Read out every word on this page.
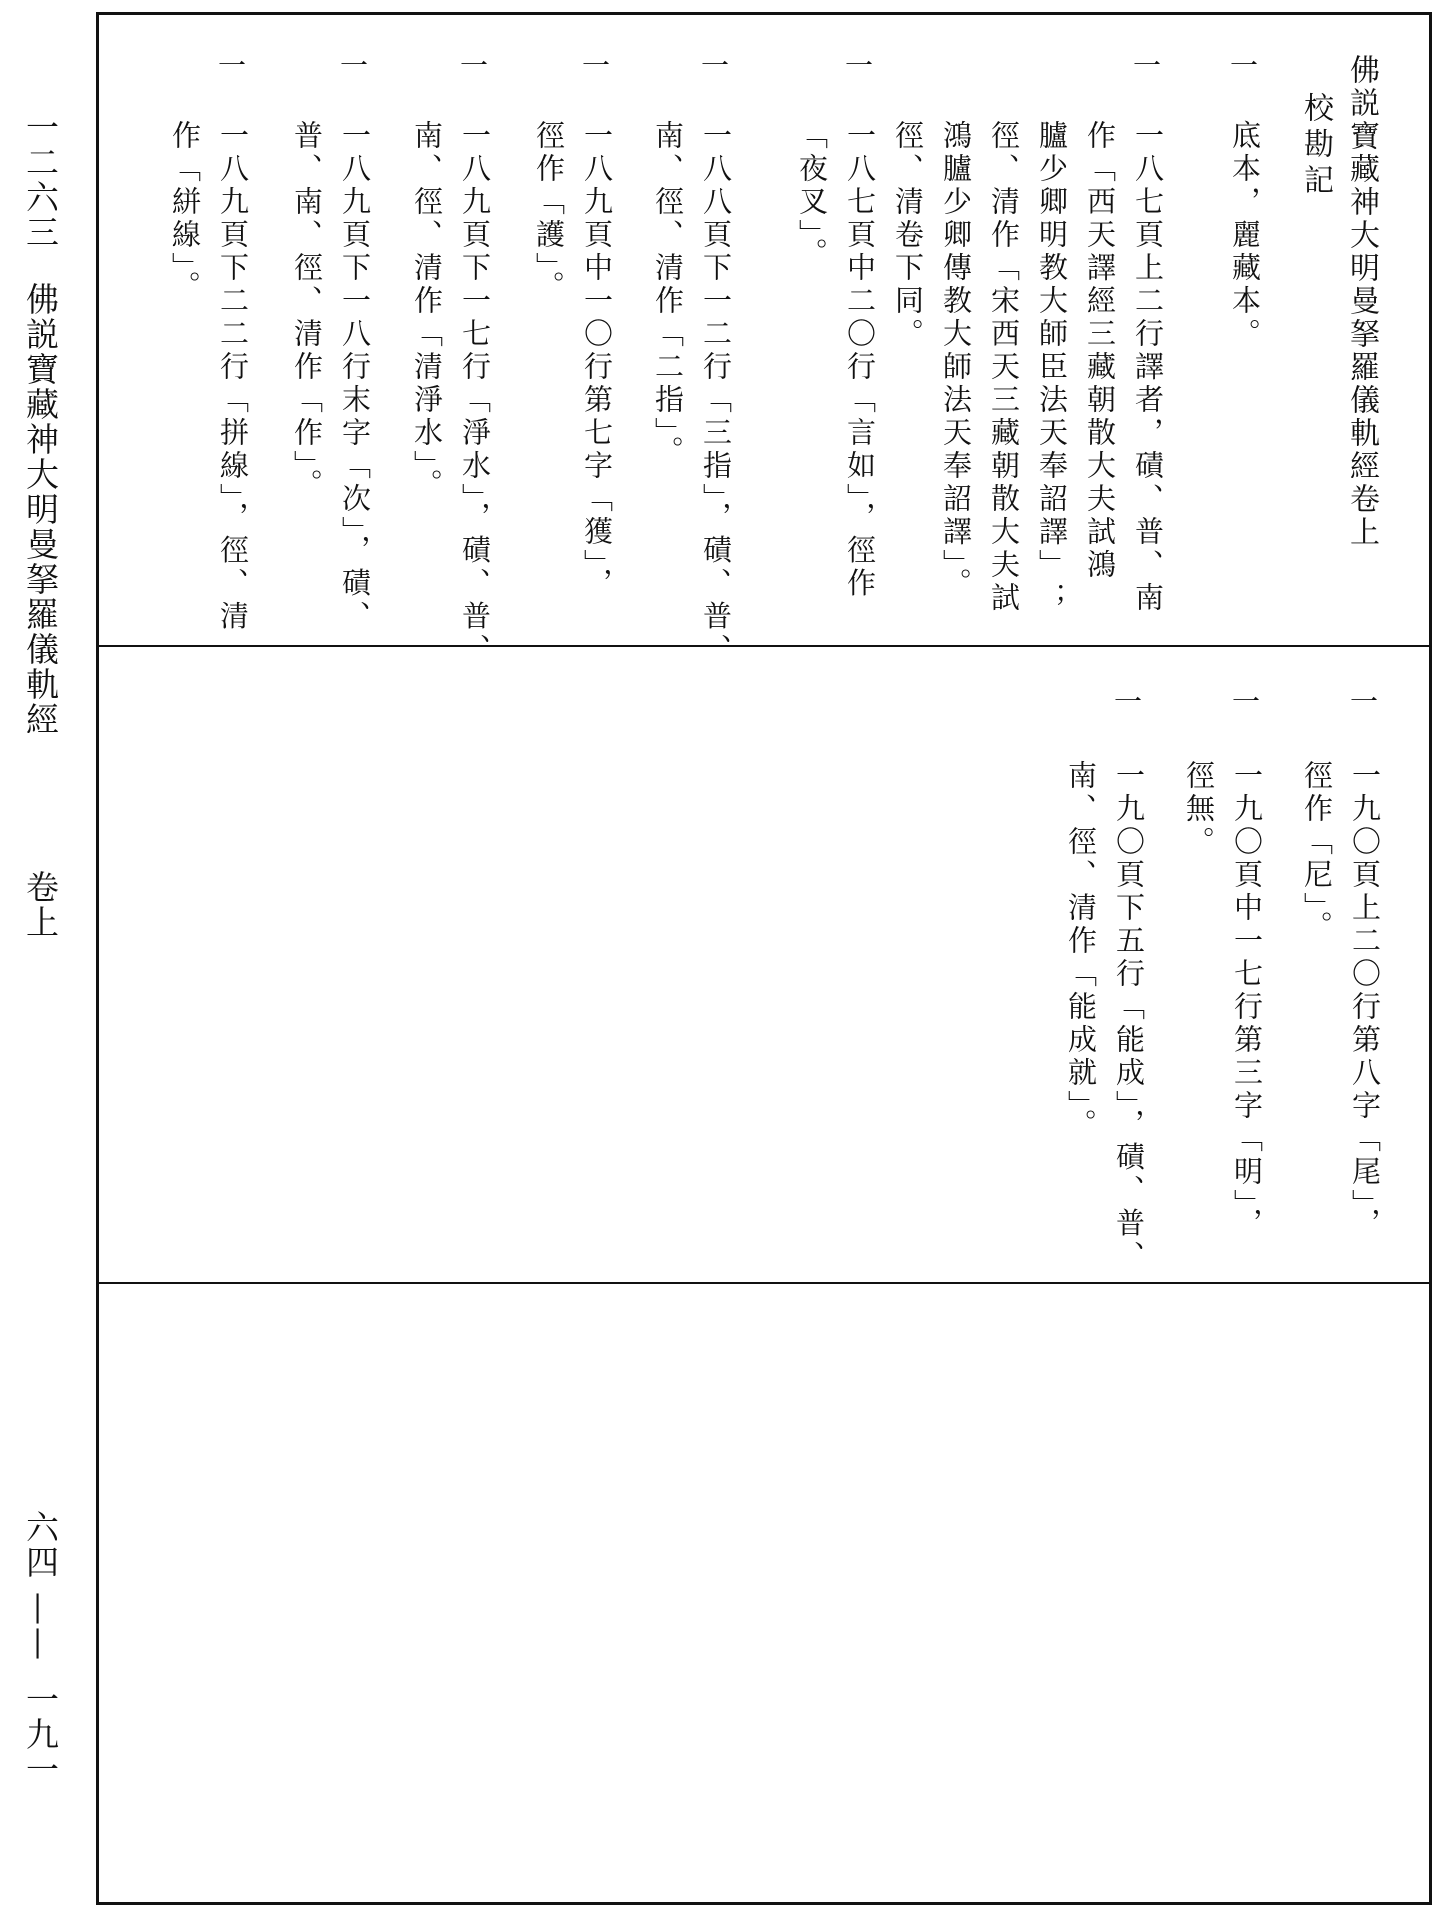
一二六三
佛説寶藏神大明曼拏羅儀軌經
卷上
六四
——
一九一
佛説寶藏神大明曼拏羅儀軌經卷上
校勘記
一
底本，麗藏本。
一
一八七頁上二行譯者，磧、普、南
作「西天譯經三藏朝散大夫試鴻
臚少卿明教大師臣法天奉詔譯」；
徑、清作「宋西天三藏朝散大夫試
鴻臚少卿傳教大師法天奉詔譯」。
一
一八七頁中二〇行「言如」，徑作
「夜叉」。 徑、清卷下同。
一
一八八頁下一二行「三指」，磧、普、
南、徑、清作「二指」。
一
一八九頁中一〇行第七字「獲」，
徑作「護」。
一
一八九頁下一七行「淨水」，磧、普、
南、徑、清作「清淨水」。
一
一八九頁下一八行末字「次」，磧、
普、南、徑、清作「作」。
一
一八九頁下二二行「拼線」，徑、清
作「絣線」。
一
一九〇頁上二〇行第八字「尾」，
徑作「尼」。
一
一九〇頁中一七行第三字「明」，
徑無。
一
一九〇頁下五行「能成」，磧、普、
南、徑、清作「能成就」。
